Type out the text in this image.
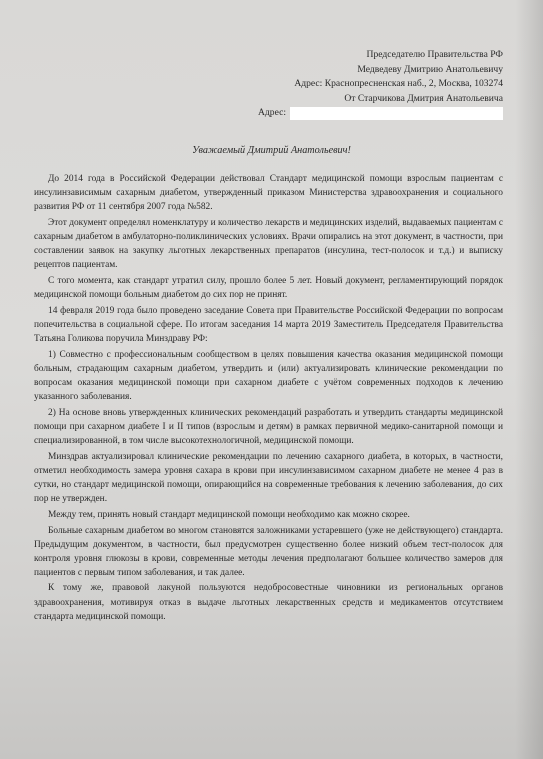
Председателю Правительства РФ
Медведеву Дмитрию Анатольевичу
Адрес: Краснопресненская наб., 2, Москва, 103274
От Старчикова Дмитрия Анатольевича
Адрес:
Уважаемый Дмитрий Анатольевич!

До 2014 года в Российской Федерации действовал Стандарт медицинской помощи взрослым пациентам с инсулинзависимым сахарным диабетом, утвержденный приказом Министерства здравоохранения и социального развития РФ от 11 сентября 2007 года №582.

Этот документ определял номенклатуру и количество лекарств и медицинских изделий, выдаваемых пациентам с сахарным диабетом в амбулаторно-поликлинических условиях. Врачи опирались на этот документ, в частности, при составлении заявок на закупку льготных лекарственных препаратов (инсулина, тест-полосок и т.д.) и выписку рецептов пациентам.

С того момента, как стандарт утратил силу, прошло более 5 лет. Новый документ, регламентирующий порядок медицинской помощи больным диабетом до сих пор не принят.

14 февраля 2019 года было проведено заседание Совета при Правительстве Российской Федерации по вопросам попечительства в социальной сфере. По итогам заседания 14 марта 2019 Заместитель Председателя Правительства Татьяна Голикова поручила Минздраву РФ:

1) Совместно с профессиональным сообществом в целях повышения качества оказания медицинской помощи больным, страдающим сахарным диабетом, утвердить и (или) актуализировать клинические рекомендации по вопросам оказания медицинской помощи при сахарном диабете с учётом современных подходов к лечению указанного заболевания.

2) На основе вновь утвержденных клинических рекомендаций разработать и утвердить стандарты медицинской помощи при сахарном диабете I и II типов (взрослым и детям) в рамках первичной медико-санитарной помощи и специализированной, в том числе высокотехнологичной, медицинской помощи.

Минздрав актуализировал клинические рекомендации по лечению сахарного диабета, в которых, в частности, отметил необходимость замера уровня сахара в крови при инсулинзависимом сахарном диабете не менее 4 раз в сутки, но стандарт медицинской помощи, опирающийся на современные требования к лечению заболевания, до сих пор не утвержден.

Между тем, принять новый стандарт медицинской помощи необходимо как можно скорее.

Больные сахарным диабетом во многом становятся заложниками устаревшего (уже не действующего) стандарта. Предыдущим документом, в частности, был предусмотрен существенно более низкий объем тест-полосок для контроля уровня глюкозы в крови, современные методы лечения предполагают большее количество замеров для пациентов с первым типом заболевания, и так далее.

К тому же, правовой лакуной пользуются недобросовестные чиновники из региональных органов здравоохранения, мотивируя отказ в выдаче льготных лекарственных средств и медикаментов отсутствием стандарта медицинской помощи.
